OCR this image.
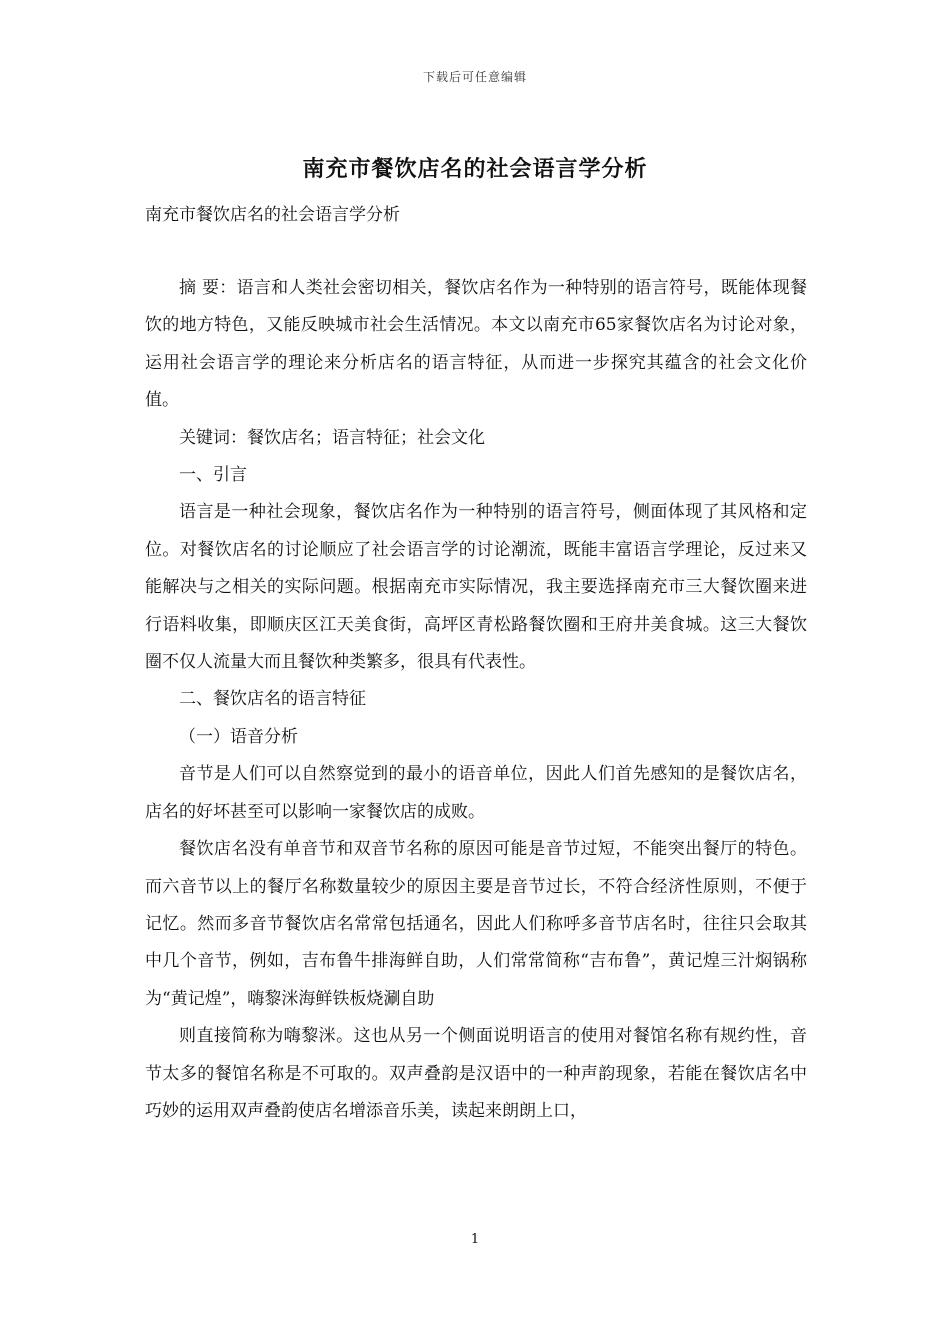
下载后可任意编辑
南充市餐饮店名的社会语言学分析
南充市餐饮店名的社会语言学分析

摘 要：语言和人类社会密切相关，餐饮店名作为一种特别的语言符号，既能体现餐饮的地方特色，又能反映城市社会生活情况。本文以南充市65家餐饮店名为讨论对象，运用社会语言学的理论来分析店名的语言特征，从而进一步探究其蕴含的社会文化价值。

关键词：餐饮店名；语言特征；社会文化

一、引言

语言是一种社会现象，餐饮店名作为一种特别的语言符号，侧面体现了其风格和定位。对餐饮店名的讨论顺应了社会语言学的讨论潮流，既能丰富语言学理论，反过来又能解决与之相关的实际问题。根据南充市实际情况，我主要选择南充市三大餐饮圈来进行语料收集，即顺庆区江天美食街，高坪区青松路餐饮圈和王府井美食城。这三大餐饮圈不仅人流量大而且餐饮种类繁多，很具有代表性。

二、餐饮店名的语言特征

（一）语音分析

音节是人们可以自然察觉到的最小的语音单位，因此人们首先感知的是餐饮店名，店名的好坏甚至可以影响一家餐饮店的成败。

餐饮店名没有单音节和双音节名称的原因可能是音节过短，不能突出餐厅的特色。而六音节以上的餐厅名称数量较少的原因主要是音节过长，不符合经济性原则，不便于记忆。然而多音节餐饮店名常常包括通名，因此人们称呼多音节店名时，往往只会取其中几个音节，例如，吉布鲁牛排海鲜自助，人们常常简称“吉布鲁”，黄记煌三汁焖锅称为“黄记煌”，嗨黎洣海鲜铁板烧涮自助

则直接简称为嗨黎洣。这也从另一个侧面说明语言的使用对餐馆名称有规约性，音节太多的餐馆名称是不可取的。双声叠韵是汉语中的一种声韵现象，若能在餐饮店名中巧妙的运用双声叠韵使店名增添音乐美，读起来朗朗上口，

1
